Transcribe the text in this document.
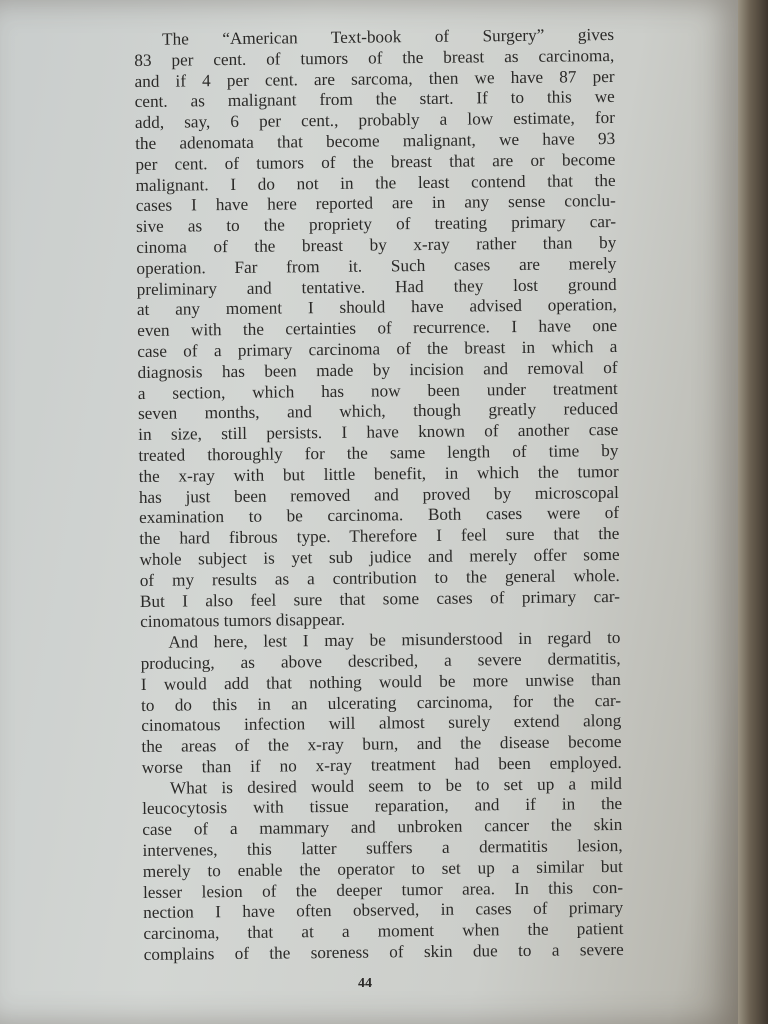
The “American Text-book of Surgery” gives
83 per cent. of tumors of the breast as carcinoma,
and if 4 per cent. are sarcoma, then we have 87 per
cent. as malignant from the start. If to this we
add, say, 6 per cent., probably a low estimate, for
the adenomata that become malignant, we have 93
per cent. of tumors of the breast that are or become
malignant. I do not in the least contend that the
cases I have here reported are in any sense conclu-
sive as to the propriety of treating primary car-
cinoma of the breast by x-ray rather than by
operation. Far from it. Such cases are merely
preliminary and tentative. Had they lost ground
at any moment I should have advised operation,
even with the certainties of recurrence. I have one
case of a primary carcinoma of the breast in which a
diagnosis has been made by incision and removal of
a section, which has now been under treatment
seven months, and which, though greatly reduced
in size, still persists. I have known of another case
treated thoroughly for the same length of time by
the x-ray with but little benefit, in which the tumor
has just been removed and proved by microscopal
examination to be carcinoma. Both cases were of
the hard fibrous type. Therefore I feel sure that the
whole subject is yet sub judice and merely offer some
of my results as a contribution to the general whole.
But I also feel sure that some cases of primary car-
cinomatous tumors disappear.
And here, lest I may be misunderstood in regard to
producing, as above described, a severe dermatitis,
I would add that nothing would be more unwise than
to do this in an ulcerating carcinoma, for the car-
cinomatous infection will almost surely extend along
the areas of the x-ray burn, and the disease become
worse than if no x-ray treatment had been employed.
What is desired would seem to be to set up a mild
leucocytosis with tissue reparation, and if in the
case of a mammary and unbroken cancer the skin
intervenes, this latter suffers a dermatitis lesion,
merely to enable the operator to set up a similar but
lesser lesion of the deeper tumor area. In this con-
nection I have often observed, in cases of primary
carcinoma, that at a moment when the patient
complains of the soreness of skin due to a severe
44
